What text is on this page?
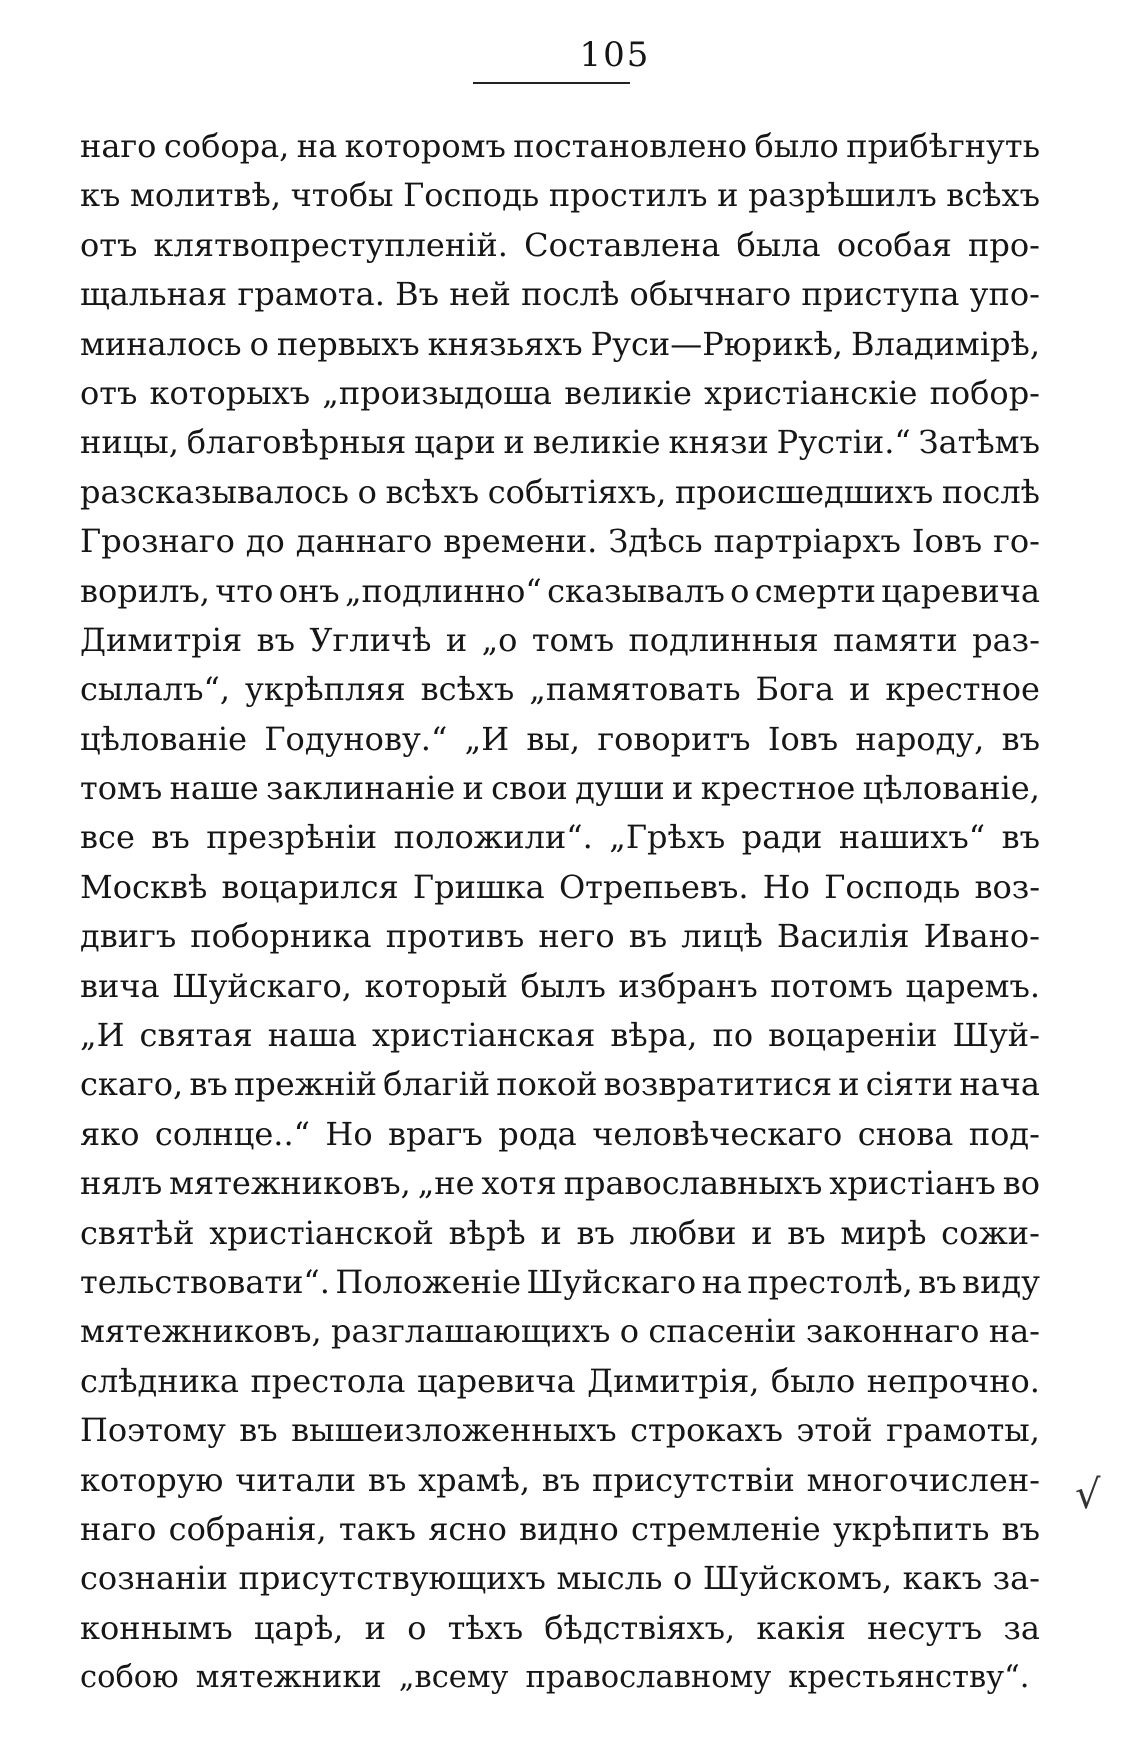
105
наго собора, на которомъ постановлено было прибѣгнуть
къ молитвѣ, чтобы Господь простилъ и разрѣшилъ всѣхъ
отъ клятвопреступленій. Составлена была особая про-
щальная грамота. Въ ней послѣ обычнаго приступа упо-
миналось о первыхъ князьяхъ Руси—Рюрикѣ, Владимірѣ,
отъ которыхъ „произыдоша великіе христіанскіе побор-
ницы, благовѣрныя цари и великіе князи Рустіи.“ Затѣмъ
разсказывалось о всѣхъ событіяхъ, происшедшихъ послѣ
Грознаго до даннаго времени. Здѣсь партріархъ Іовъ го-
ворилъ, что онъ „подлинно“ сказывалъ о смерти царевича
Димитрія въ Угличѣ и „о томъ подлинныя памяти раз-
сылалъ“, укрѣпляя всѣхъ „памятовать Бога и крестное
цѣлованіе Годунову.“ „И вы, говоритъ Іовъ народу, въ
томъ наше заклинаніе и свои души и крестное цѣлованіе,
все въ презрѣніи положили“. „Грѣхъ ради нашихъ“ въ
Москвѣ воцарился Гришка Отрепьевъ. Но Господь воз-
двигъ поборника противъ него въ лицѣ Василія Ивано-
вича Шуйскаго, который былъ избранъ потомъ царемъ.
„И святая наша христіанская вѣра, по воцареніи Шуй-
скаго, въ прежній благій покой возвратитися и сіяти нача
яко солнце..“ Но врагъ рода человѣческаго снова под-
нялъ мятежниковъ, „не хотя православныхъ христіанъ во
святѣй христіанской вѣрѣ и въ любви и въ мирѣ сожи-
тельствовати“. Положеніе Шуйскаго на престолѣ, въ виду
мятежниковъ, разглашающихъ о спасеніи законнаго на-
слѣдника престола царевича Димитрія, было непрочно.
Поэтому въ вышеизложенныхъ строкахъ этой грамоты,
которую читали въ храмѣ, въ присутствіи многочислен-
наго собранія, такъ ясно видно стремленіе укрѣпить въ
сознаніи присутствующихъ мысль о Шуйскомъ, какъ за-
коннымъ царѣ, и о тѣхъ бѣдствіяхъ, какія несутъ за
собою мятежники „всему православному крестьянству“.
√
